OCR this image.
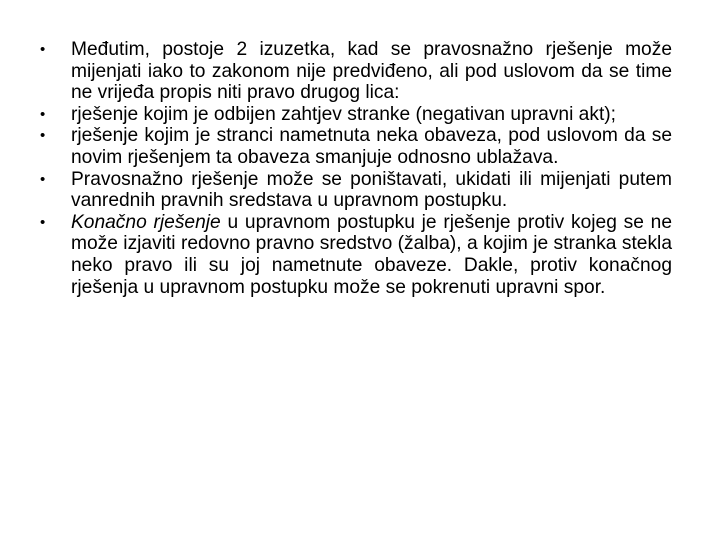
•	Međutim, postoje 2 izuzetka, kad se pravosnažno rješenje može mijenjati iako to zakonom nije predviđeno, ali pod uslovom da se time ne vrijeđa propis niti pravo drugog lica:
•	rješenje kojim je odbijen zahtjev stranke (negativan upravni akt);
•	rješenje kojim je stranci nametnuta neka obaveza, pod uslovom da se novim rješenjem ta obaveza smanjuje odnosno ublažava.
•	Pravosnažno rješenje može se poništavati, ukidati ili mijenjati putem vanrednih pravnih sredstava u upravnom postupku.
•	Konačno rješenje u upravnom postupku je rješenje protiv kojeg se ne može izjaviti redovno pravno sredstvo (žalba), a kojim je stranka stekla neko pravo ili su joj nametnute obaveze. Dakle, protiv konačnog rješenja u upravnom postupku može se pokrenuti upravni spor.
